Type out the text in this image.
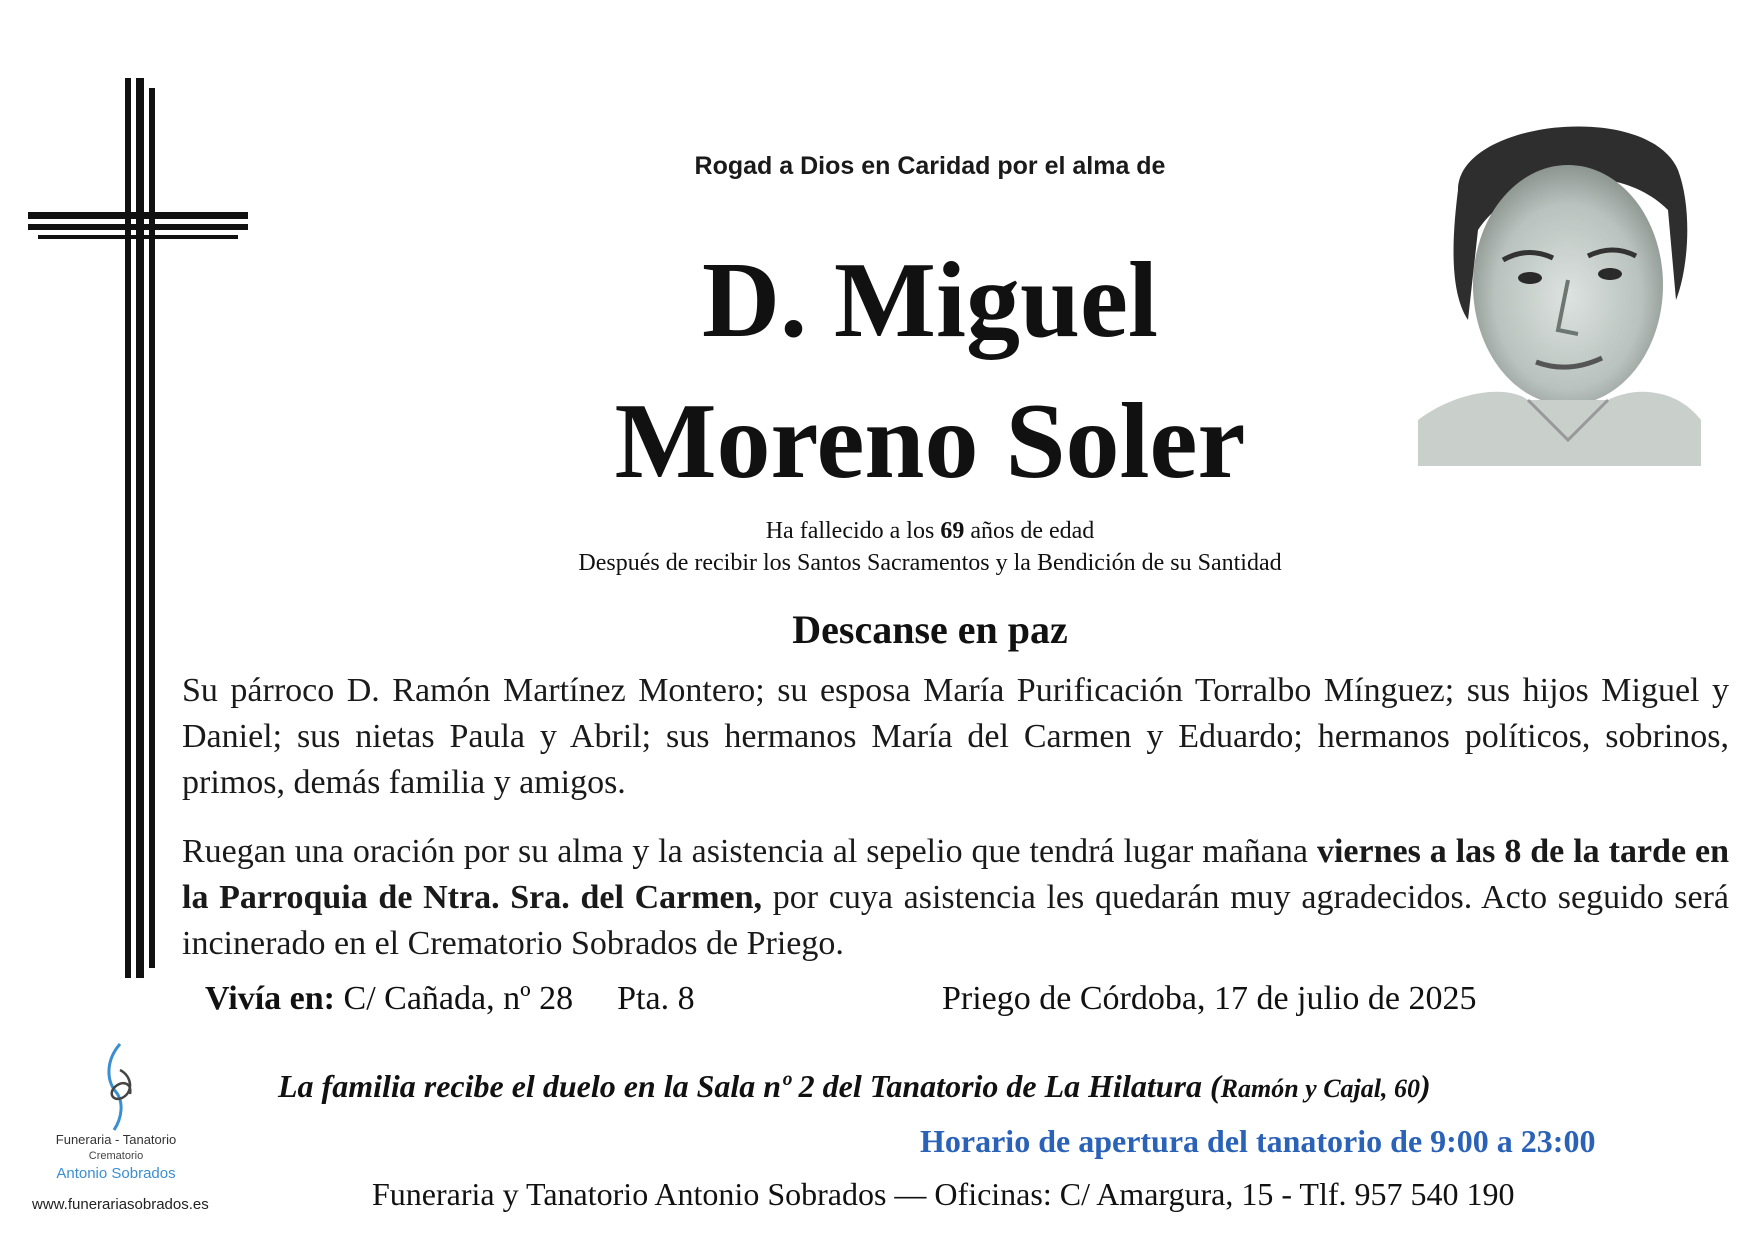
Rogad a Dios en Caridad por el alma de
D. Miguel
Moreno Soler
Ha fallecido a los 69 años de edad
Después de recibir los Santos Sacramentos y la Bendición de su Santidad
Descanse en paz
Su párroco D. Ramón Martínez Montero; su esposa María Purificación Torralbo Mínguez; sus hijos Miguel y Daniel; sus nietas Paula y Abril; sus hermanos María del Carmen y Eduardo; hermanos políticos, sobrinos, primos, demás familia y amigos.
Ruegan una oración por su alma y la asistencia al sepelio que tendrá lugar mañana viernes a las 8 de la tarde en la Parroquia de Ntra. Sra. del Carmen, por cuya asistencia les quedarán muy agradecidos. Acto seguido será incinerado en el Crematorio Sobrados de Priego.
Vivía en: C/ Cañada, nº 28 Pta. 8	Priego de Córdoba, 17 de julio de 2025
La familia recibe el duelo en la Sala nº 2 del Tanatorio de La Hilatura (Ramón y Cajal, 60)
Horario de apertura del tanatorio de 9:00 a 23:00
Funeraria y Tanatorio Antonio Sobrados — Oficinas: C/ Amargura, 15 - Tlf. 957 540 190
Funeraria - Tanatorio
Crematorio
Antonio Sobrados
www.funerariasobrados.es
